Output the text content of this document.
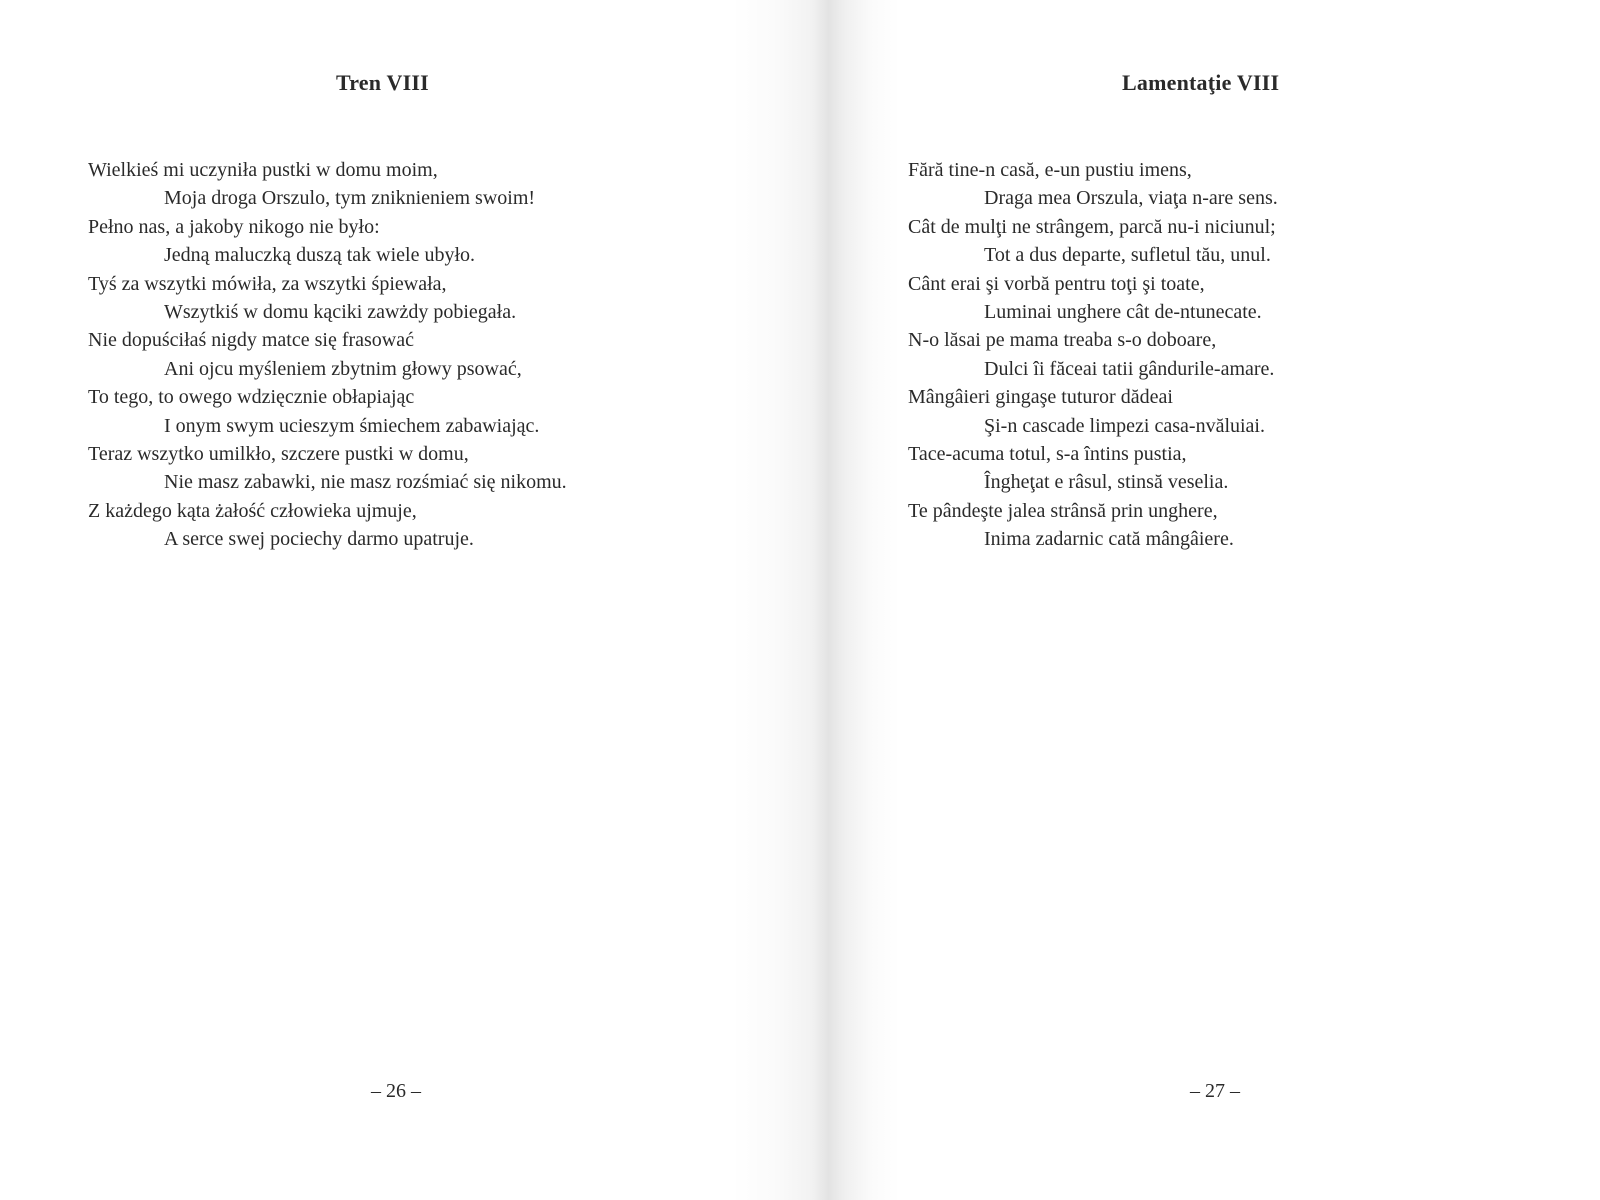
Tren VIII
Wielkieś mi uczyniła pustki w domu moim,
Moja droga Orszulo, tym zniknieniem swoim!
Pełno nas, a jakoby nikogo nie było:
Jedną maluczką duszą tak wiele ubyło.
Tyś za wszytki mówiła, za wszytki śpiewała,
Wszytkiś w domu kąciki zawżdy pobiegała.
Nie dopuściłaś nigdy matce się frasować
Ani ojcu myśleniem zbytnim głowy psować,
To tego, to owego wdzięcznie obłapiając
I onym swym ucieszym śmiechem zabawiając.
Teraz wszytko umilkło, szczere pustki w domu,
Nie masz zabawki, nie masz rozśmiać się nikomu.
Z każdego kąta żałość człowieka ujmuje,
A serce swej pociechy darmo upatruje.
– 26 –
Lamentaţie VIII
Fără tine-n casă, e-un pustiu imens,
Draga mea Orszula, viaţa n-are sens.
Cât de mulţi ne strângem, parcă nu-i niciunul;
Tot a dus departe, sufletul tău, unul.
Cânt erai şi vorbă pentru toţi şi toate,
Luminai unghere cât de-ntunecate.
N-o lăsai pe mama treaba s-o doboare,
Dulci îi făceai tatii gândurile-amare.
Mângâieri gingaşe tuturor dădeai
Şi-n cascade limpezi casa-nvăluiai.
Tace-acuma totul, s-a întins pustia,
Îngheţat e râsul, stinsă veselia.
Te pândeşte jalea strânsă prin unghere,
Inima zadarnic cată mângâiere.
– 27 –
